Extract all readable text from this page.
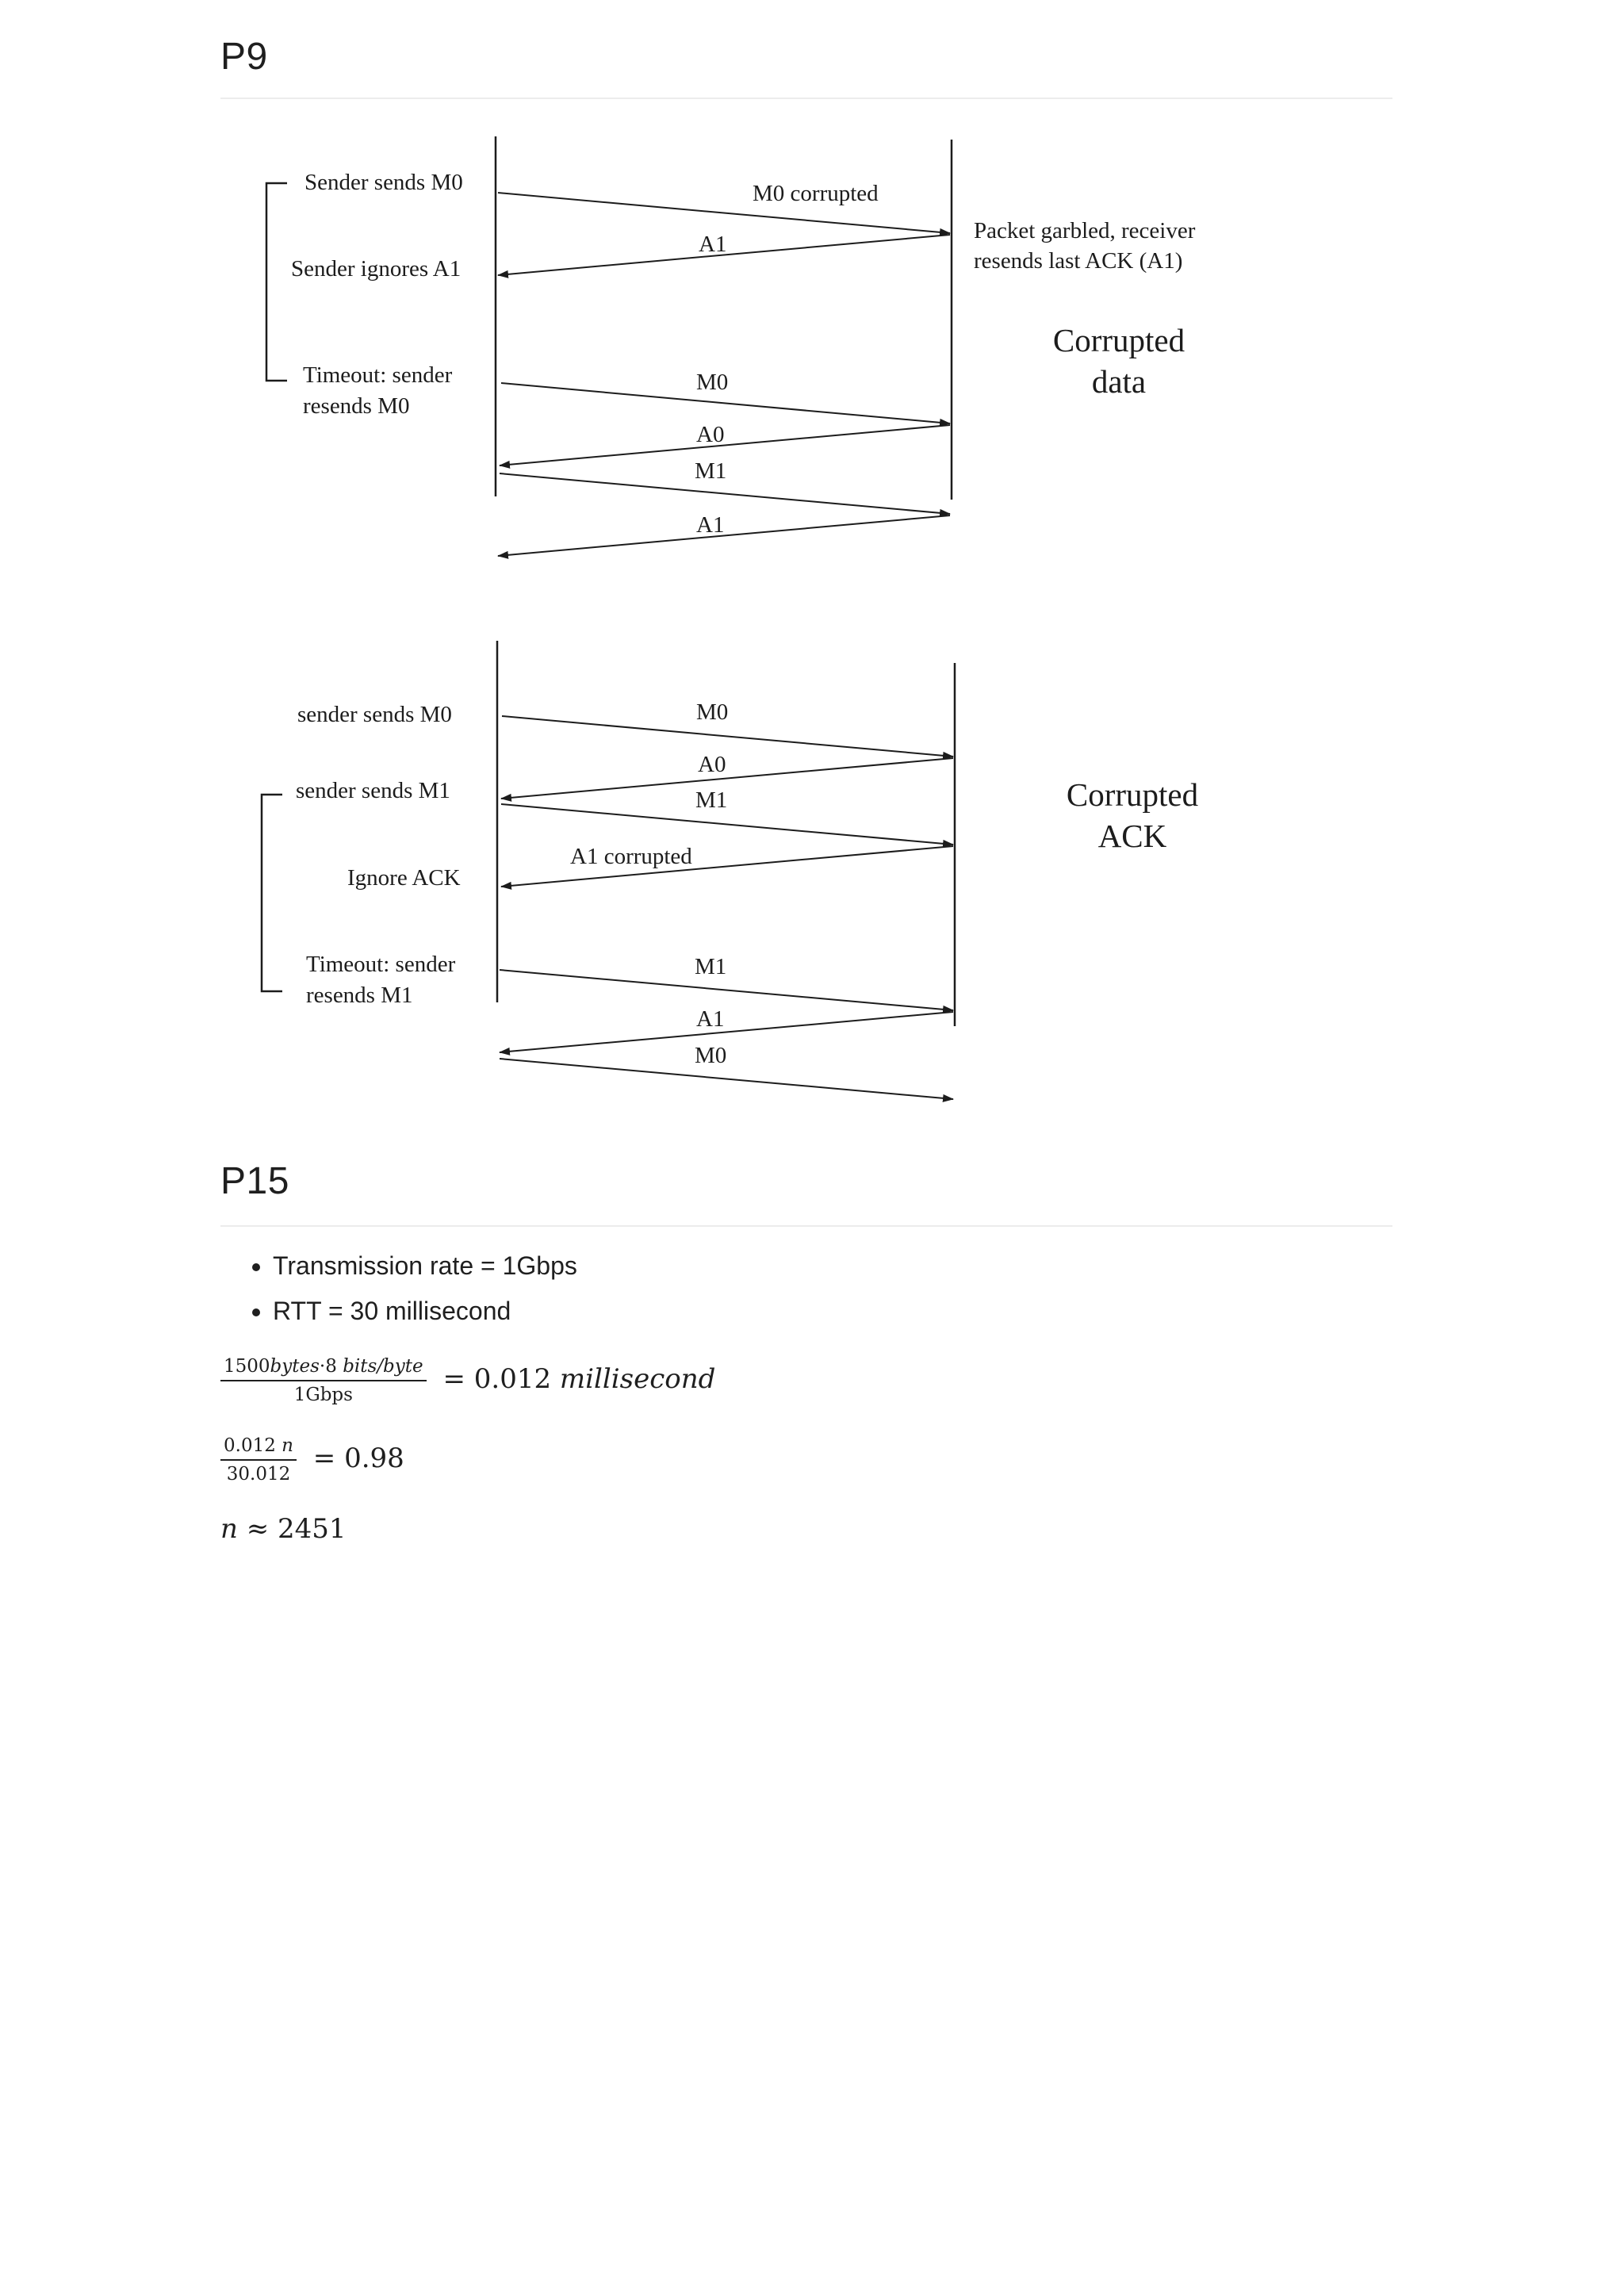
P9
Sender sends M0
Sender ignores A1
Timeout: sender
resends M0
Packet garbled, receiver
resends last ACK (A1)
Corrupted
data
M0 corrupted
A1
M0
A0
M1
A1
sender sends M0
sender sends M1
Ignore ACK
Timeout: sender
resends M1
Corrupted
ACK
M0
A0
M1
A1 corrupted
M1
A1
M0
P15
• Transmission rate = 1Gbps
• RTT = 30 millisecond
$\frac{\text{1500bytes·8 bits/byte}}{\text{1Gbps}} = 0.012$ millisecond
$\frac{0.012 n}{30.012} = 0.98$
n ≈ 2451
